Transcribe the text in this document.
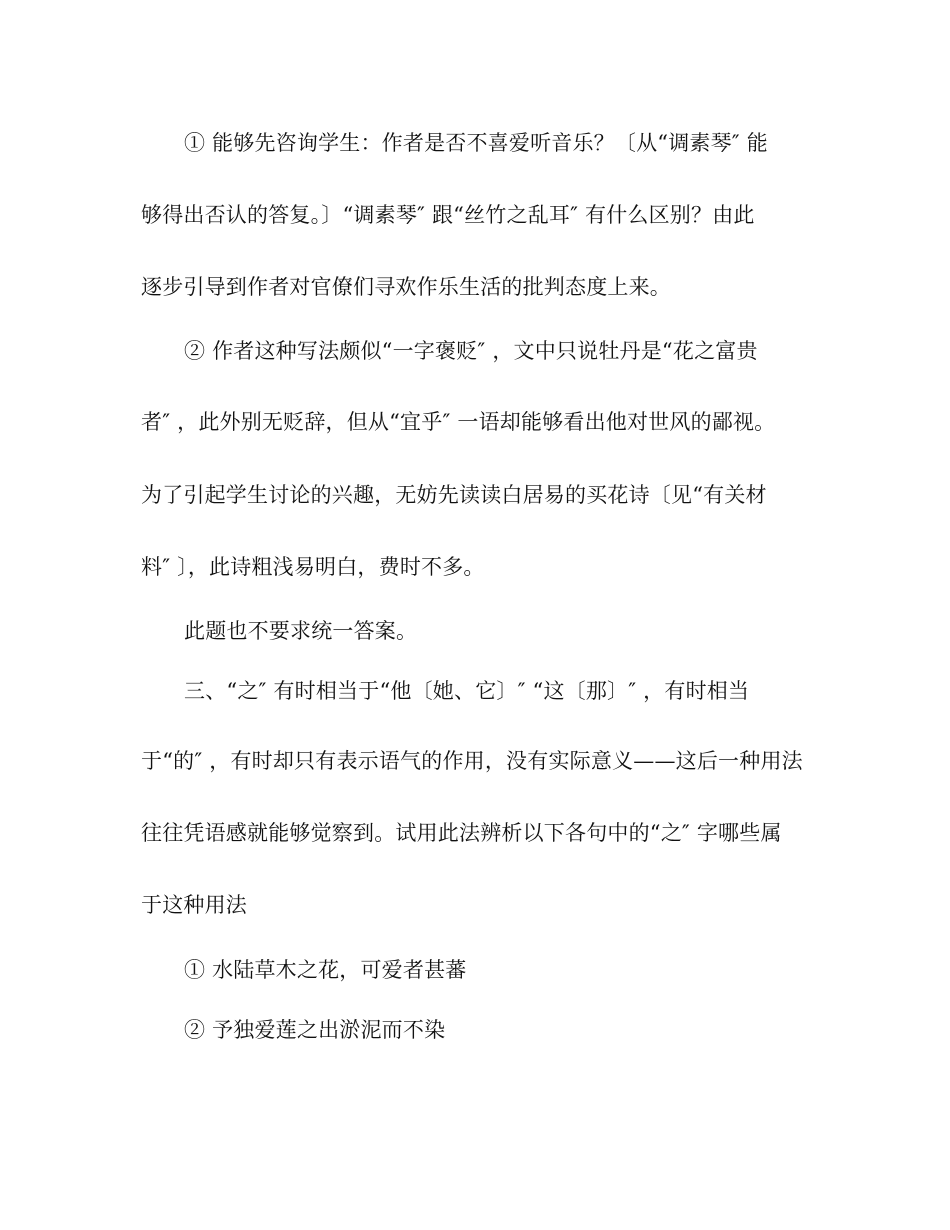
① 能够先咨询学生：作者是否不喜爱听音乐？〔从“调素琴″ 能
够得出否认的答复。〕“调素琴″ 跟“丝竹之乱耳″ 有什么区别？由此
逐步引导到作者对官僚们寻欢作乐生活的批判态度上来。
② 作者这种写法颇似“一字褒贬″ ，文中只说牡丹是“花之富贵
者″ ，此外别无贬辞，但从“宜乎″ 一语却能够看出他对世风的鄙视。
为了引起学生讨论的兴趣，无妨先读读白居易的买花诗〔见“有关材
料″ 〕，此诗粗浅易明白，费时不多。
此题也不要求统一答案。
三、“之″ 有时相当于“他〔她、它〕″ “这〔那〕″ ，有时相当
于“的″ ，有时却只有表示语气的作用，没有实际意义——这后一种用法
往往凭语感就能够觉察到。试用此法辨析以下各句中的“之″ 字哪些属
于这种用法
① 水陆草木之花，可爱者甚蕃
② 予独爱莲之出淤泥而不染
